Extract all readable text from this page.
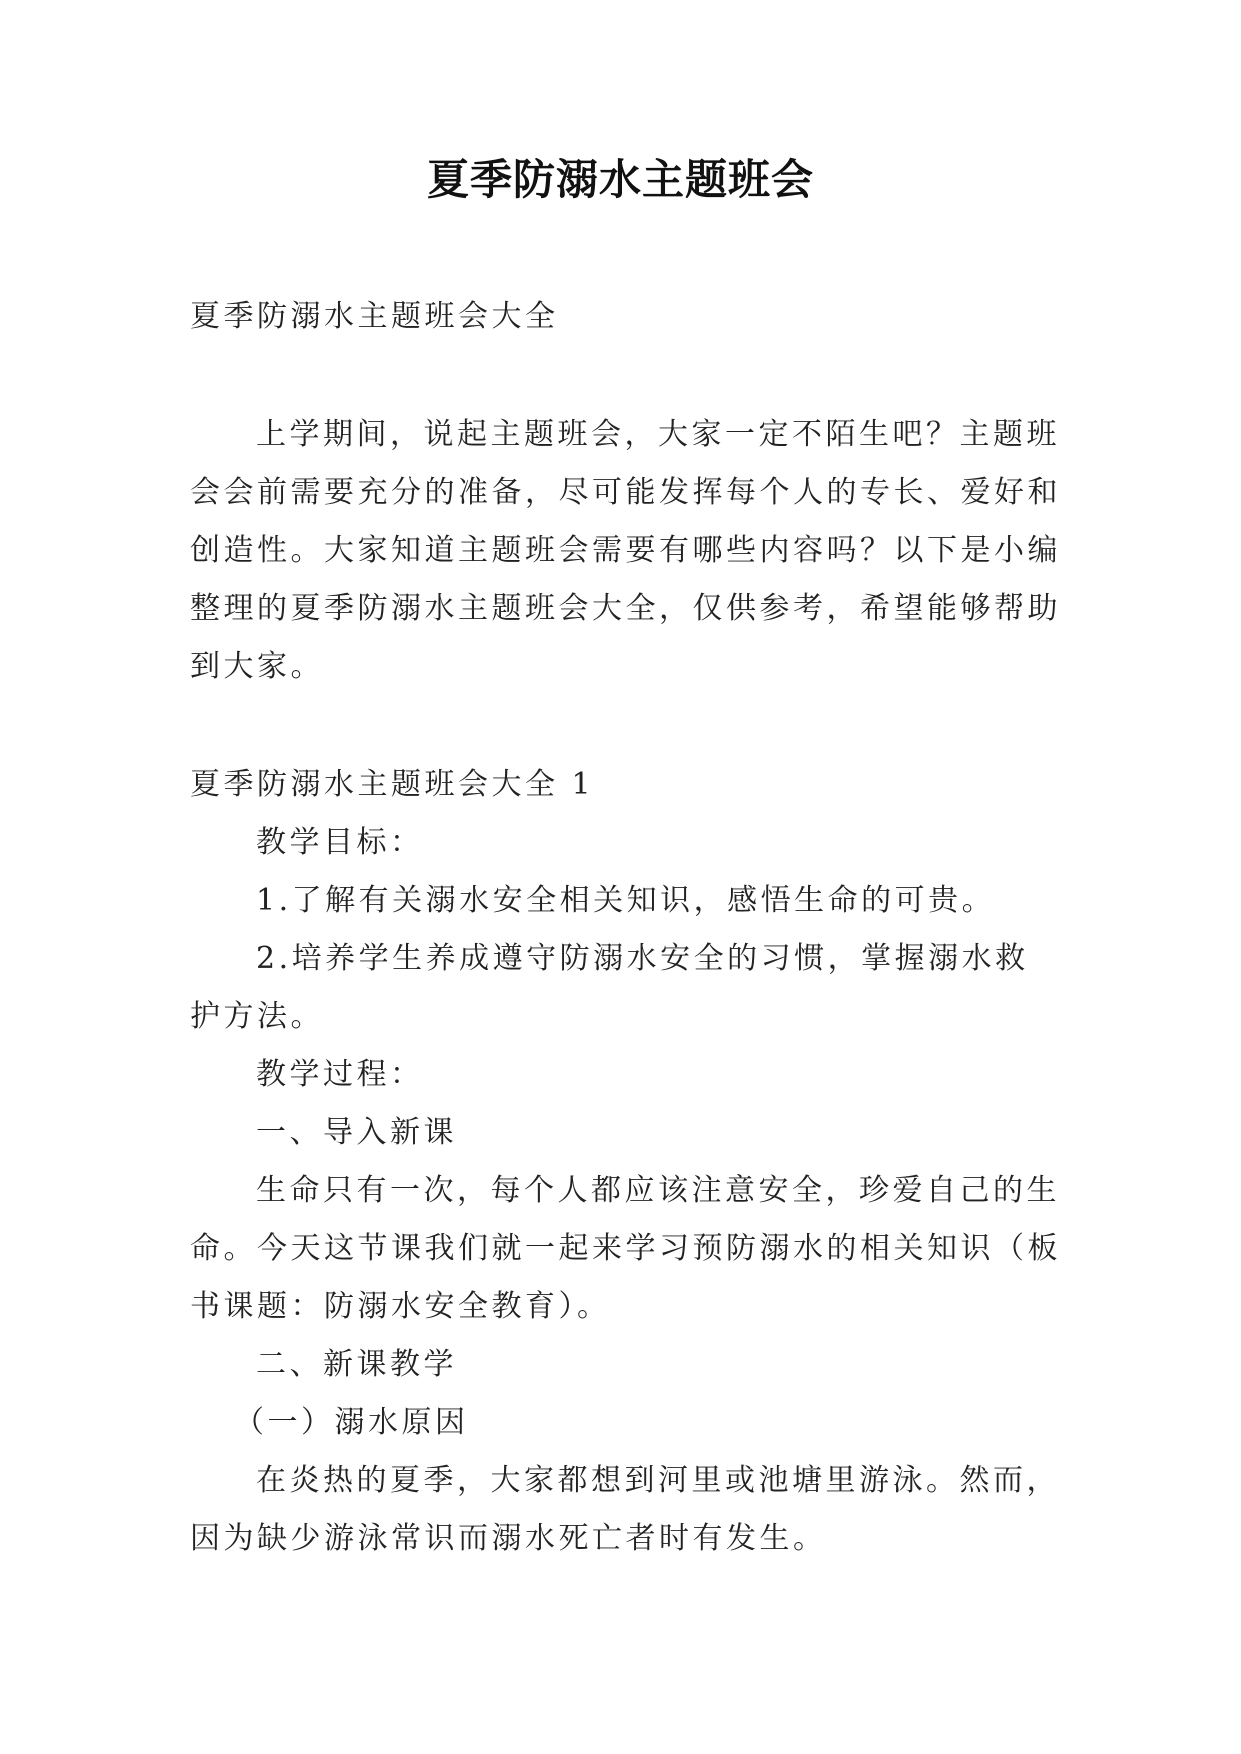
夏季防溺水主题班会

夏季防溺水主题班会大全

上学期间，说起主题班会，大家一定不陌生吧？主题班会会前需要充分的准备，尽可能发挥每个人的专长、爱好和创造性。大家知道主题班会需要有哪些内容吗？以下是小编整理的夏季防溺水主题班会大全，仅供参考，希望能够帮助到大家。

夏季防溺水主题班会大全 1

教学目标：

1.了解有关溺水安全相关知识，感悟生命的可贵。

2.培养学生养成遵守防溺水安全的习惯，掌握溺水救护方法。

教学过程：

一、导入新课

生命只有一次，每个人都应该注意安全，珍爱自己的生命。今天这节课我们就一起来学习预防溺水的相关知识（板书课题：防溺水安全教育）。

二、新课教学

（一）溺水原因

在炎热的夏季，大家都想到河里或池塘里游泳。然而，因为缺少游泳常识而溺水死亡者时有发生。
